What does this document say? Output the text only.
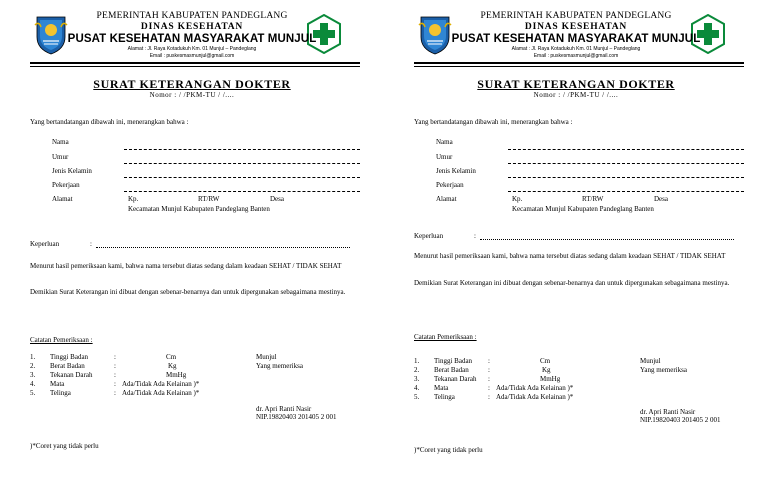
PEMERINTAH KABUPATEN PANDEGLANG
DINAS KESEHATAN
PUSAT KESEHATAN MASYARAKAT MUNJUL
Alamat : Jl. Raya Kotadukuh Km. 01 Munjul – Pandeglang
Email : puskesmasmunjul@gmail.com
SURAT KETERANGAN DOKTER
Nomor : / /PKM-TU / /....
Yang bertandatangan dibawah ini, menerangkan bahwa :
Nama
Umur
Jenis Kelamin
Pekerjaan
Alamat	Kp.	RT/RW	Desa
Kecamatan Munjul Kabupaten Pandeglang Banten
Keperluan	:
Menurut hasil pemeriksaan kami, bahwa nama tersebut diatas sedang dalam keadaan SEHAT / TIDAK SEHAT
Demikian Surat Keterangan ini dibuat dengan sebenar-benarnya dan untuk dipergunakan sebagaimana mestinya.
Catatan Pemeriksaan :
1. Tinggi Badan	:	Cm
2. Berat Badan	:	Kg
3. Tekanan Darah	:	MmHg
4. Mata	: Ada/Tidak Ada Kelainan )*
5. Telinga	: Ada/Tidak Ada Kelainan )*
Munjul
Yang memeriksa
dr. Apri Ranti Nasir
NIP.19820403 201405 2 001
)*Coret yang tidak perlu
PEMERINTAH KABUPATEN PANDEGLANG
DINAS KESEHATAN
PUSAT KESEHATAN MASYARAKAT MUNJUL
Alamat : Jl. Raya Kotadukuh Km. 01 Munjul – Pandeglang
Email : puskesmasmunjul@gmail.com
SURAT KETERANGAN DOKTER
Nomor : / /PKM-TU / /....
Yang bertandatangan dibawah ini, menerangkan bahwa :
Nama
Umur
Jenis Kelamin
Pekerjaan
Alamat	Kp.	RT/RW	Desa
Kecamatan Munjul Kabupaten Pandeglang Banten
Keperluan	:
Menurut hasil pemeriksaan kami, bahwa nama tersebut diatas sedang dalam keadaan SEHAT / TIDAK SEHAT
Demikian Surat Keterangan ini dibuat dengan sebenar-benarnya dan untuk dipergunakan sebagaimana mestinya.
Catatan Pemeriksaan :
1. Tinggi Badan :	Cm
2. Berat Badan	:	Kg
3. Tekanan Darah :	MmHg
4. Mata	: Ada/Tidak Ada Kelainan )*
5. Telinga	: Ada/Tidak Ada Kelainan )*
Munjul
Yang memeriksa
dr. Apri Ranti Nasir
NIP.19820403 201405 2 001
)*Coret yang tidak perlu
